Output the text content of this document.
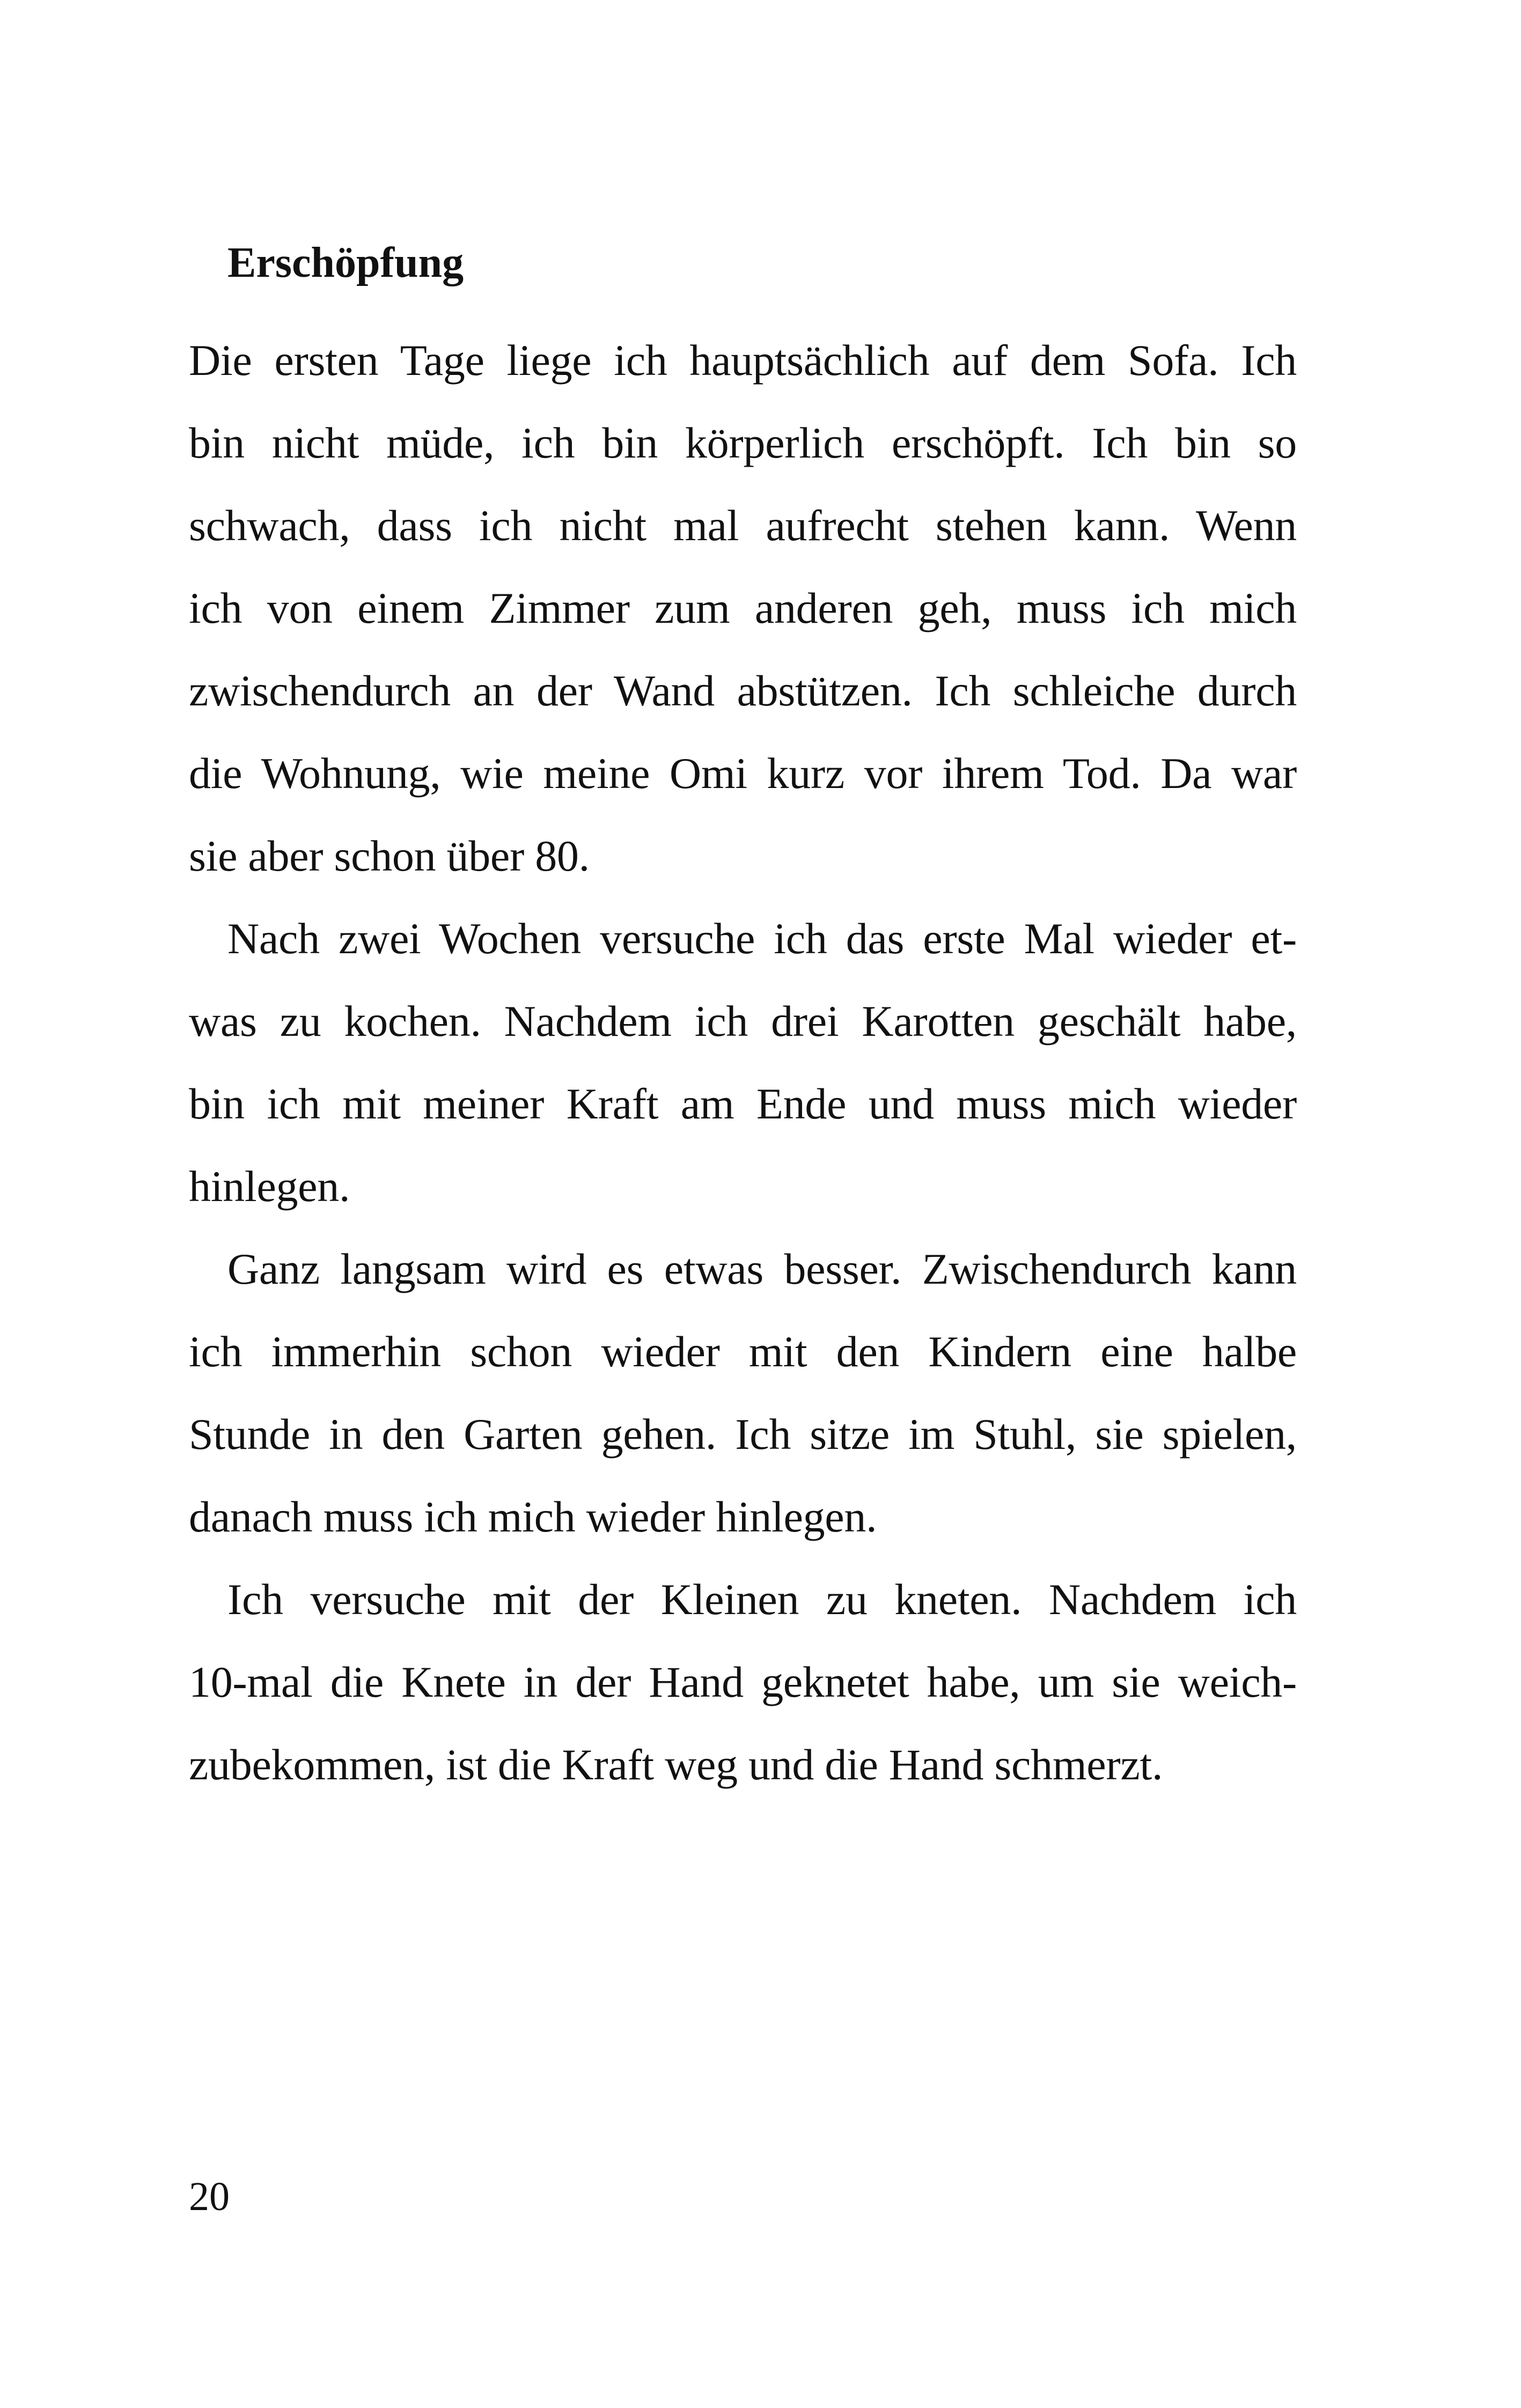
Erschöpfung
Die ersten Tage liege ich hauptsächlich auf dem Sofa. Ich
bin nicht müde, ich bin körperlich erschöpft. Ich bin so
schwach, dass ich nicht mal aufrecht stehen kann. Wenn
ich von einem Zimmer zum anderen geh, muss ich mich
zwischendurch an der Wand abstützen. Ich schleiche durch
die Wohnung, wie meine Omi kurz vor ihrem Tod. Da war
sie aber schon über 80.
Nach zwei Wochen versuche ich das erste Mal wieder et-
was zu kochen. Nachdem ich drei Karotten geschält habe,
bin ich mit meiner Kraft am Ende und muss mich wieder
hinlegen.
Ganz langsam wird es etwas besser. Zwischendurch kann
ich immerhin schon wieder mit den Kindern eine halbe
Stunde in den Garten gehen. Ich sitze im Stuhl, sie spielen,
danach muss ich mich wieder hinlegen.
Ich versuche mit der Kleinen zu kneten. Nachdem ich
10-mal die Knete in der Hand geknetet habe, um sie weich-
zubekommen, ist die Kraft weg und die Hand schmerzt.
20
